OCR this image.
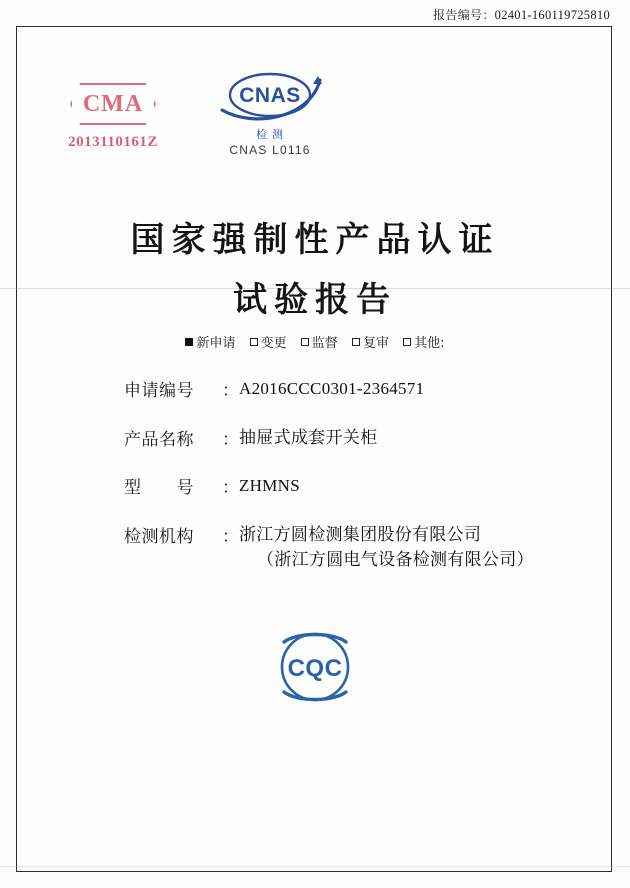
报告编号：02401-160119725810
CMA
2013110161Z
CNAS
检 测
CNAS L0116
国家强制性产品认证
试验报告
新申请 变更 监督 复审 其他:
申请编号	： A2016CCC0301-2364571
产品名称	： 抽屉式成套开关柜
型　　号	： ZHMNS
检测机构	： 浙江方圆检测集团股份有限公司
（浙江方圆电气设备检测有限公司）
CQC
